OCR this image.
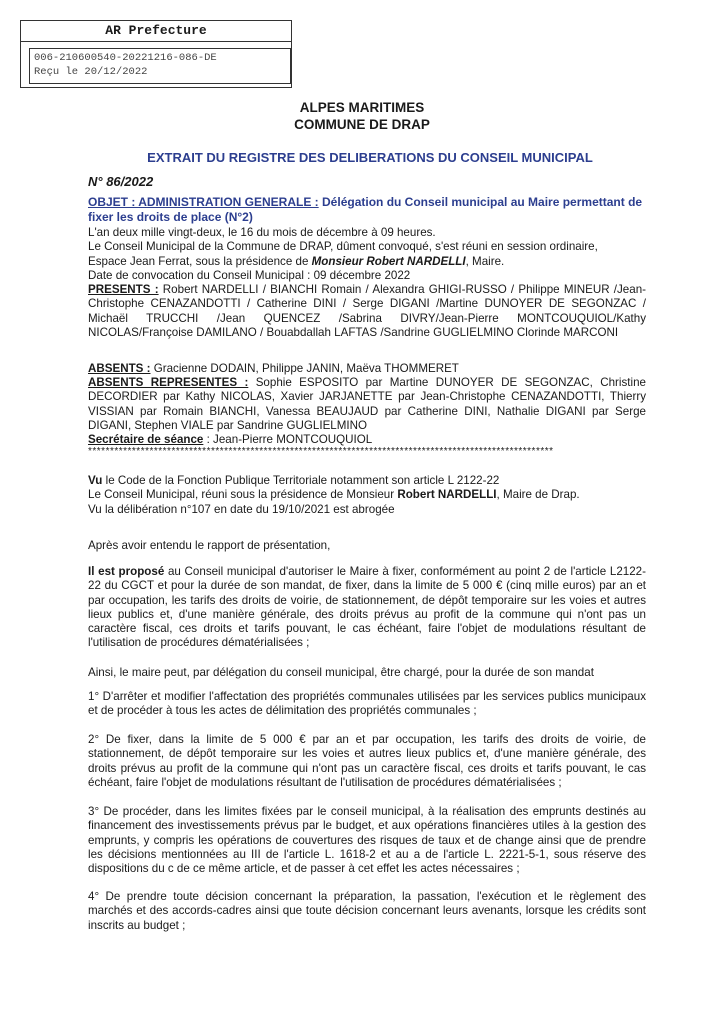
AR Prefecture
006-210600540-20221216-086-DE
Reçu le 20/12/2022
ALPES MARITIMES
COMMUNE DE DRAP
EXTRAIT DU REGISTRE DES DELIBERATIONS DU CONSEIL MUNICIPAL
N° 86/2022
OBJET : ADMINISTRATION GENERALE : Délégation du Conseil municipal au Maire permettant de fixer les droits de place (N°2)
L'an deux mille vingt-deux, le 16 du mois de décembre à 09 heures.
Le Conseil Municipal de la Commune de DRAP, dûment convoqué, s'est réuni en session ordinaire,
Espace Jean Ferrat, sous la présidence de Monsieur Robert NARDELLI, Maire.
Date de convocation du Conseil Municipal : 09 décembre 2022
PRESENTS : Robert NARDELLI / BIANCHI Romain / Alexandra GHIGI-RUSSO / Philippe MINEUR /Jean-Christophe CENAZANDOTTI / Catherine DINI / Serge DIGANI /Martine DUNOYER DE SEGONZAC / Michaël TRUCCHI /Jean QUENCEZ /Sabrina DIVRY/Jean-Pierre MONTCOUQUIOL/Kathy NICOLAS/Françoise DAMILANO / Bouabdallah LAFTAS /Sandrine GUGLIELMINO Clorinde MARCONI
ABSENTS : Gracienne DODAIN, Philippe JANIN, Maëva THOMMERET
ABSENTS REPRESENTES : Sophie ESPOSITO par Martine DUNOYER DE SEGONZAC, Christine DECORDIER par Kathy NICOLAS, Xavier JARJANETTE par Jean-Christophe CENAZANDOTTI, Thierry VISSIAN par Romain BIANCHI, Vanessa BEAUJAUD par Catherine DINI, Nathalie DIGANI par Serge DIGANI, Stephen VIALE par Sandrine GUGLIELMINO
Secrétaire de séance : Jean-Pierre MONTCOUQUIOL
**********************************************************************************************************
Vu le Code de la Fonction Publique Territoriale notamment son article L 2122-22
Le Conseil Municipal, réuni sous la présidence de Monsieur Robert NARDELLI, Maire de Drap.
Vu la délibération n°107 en date du 19/10/2021 est abrogée
Après avoir entendu le rapport de présentation,
Il est proposé au Conseil municipal d'autoriser le Maire à fixer, conformément au point 2 de l'article L2122-22 du CGCT et pour la durée de son mandat, de fixer, dans la limite de 5 000 € (cinq mille euros) par an et par occupation, les tarifs des droits de voirie, de stationnement, de dépôt temporaire sur les voies et autres lieux publics et, d'une manière générale, des droits prévus au profit de la commune qui n'ont pas un caractère fiscal, ces droits et tarifs pouvant, le cas échéant, faire l'objet de modulations résultant de l'utilisation de procédures dématérialisées ;
Ainsi, le maire peut, par délégation du conseil municipal, être chargé, pour la durée de son mandat
1° D'arrêter et modifier l'affectation des propriétés communales utilisées par les services publics municipaux et de procéder à tous les actes de délimitation des propriétés communales ;
2° De fixer, dans la limite de 5 000 € par an et par occupation, les tarifs des droits de voirie, de stationnement, de dépôt temporaire sur les voies et autres lieux publics et, d'une manière générale, des droits prévus au profit de la commune qui n'ont pas un caractère fiscal, ces droits et tarifs pouvant, le cas échéant, faire l'objet de modulations résultant de l'utilisation de procédures dématérialisées ;
3° De procéder, dans les limites fixées par le conseil municipal, à la réalisation des emprunts destinés au financement des investissements prévus par le budget, et aux opérations financières utiles à la gestion des emprunts, y compris les opérations de couvertures des risques de taux et de change ainsi que de prendre les décisions mentionnées au III de l'article L. 1618-2 et au a de l'article L. 2221-5-1, sous réserve des dispositions du c de ce même article, et de passer à cet effet les actes nécessaires ;
4° De prendre toute décision concernant la préparation, la passation, l'exécution et le règlement des marchés et des accords-cadres ainsi que toute décision concernant leurs avenants, lorsque les crédits sont inscrits au budget ;
